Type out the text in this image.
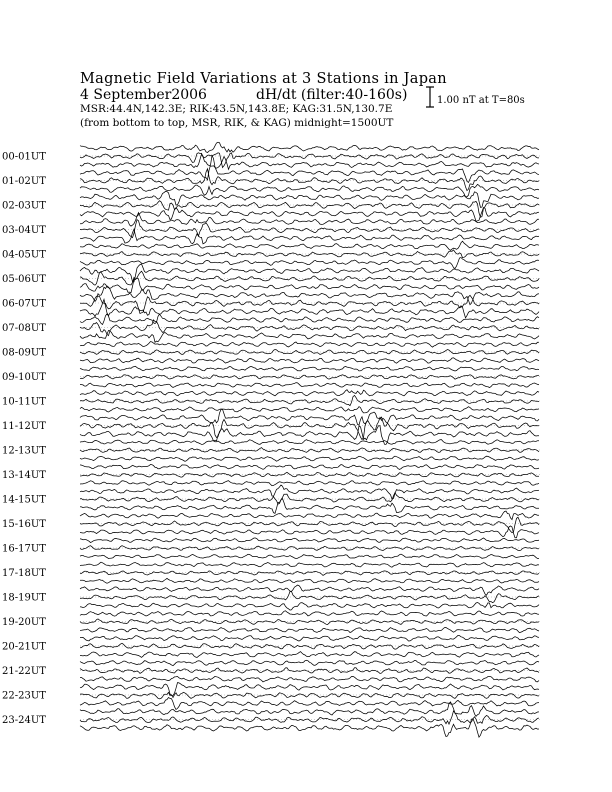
Magnetic Field Variations at 3 Stations in Japan
4 September2006	dH/dt (filter:40-160s)
MSR:44.4N,142.3E; RIK:43.5N,143.8E; KAG:31.5N,130.7E
(from bottom to top, MSR, RIK, & KAG) midnight=1500UT
1.00 nT at T=80s
00-01UT
01-02UT
02-03UT
03-04UT
04-05UT
05-06UT
06-07UT
07-08UT
08-09UT
09-10UT
10-11UT
11-12UT
12-13UT
13-14UT
14-15UT
15-16UT
16-17UT
17-18UT
18-19UT
19-20UT
20-21UT
21-22UT
22-23UT
23-24UT
